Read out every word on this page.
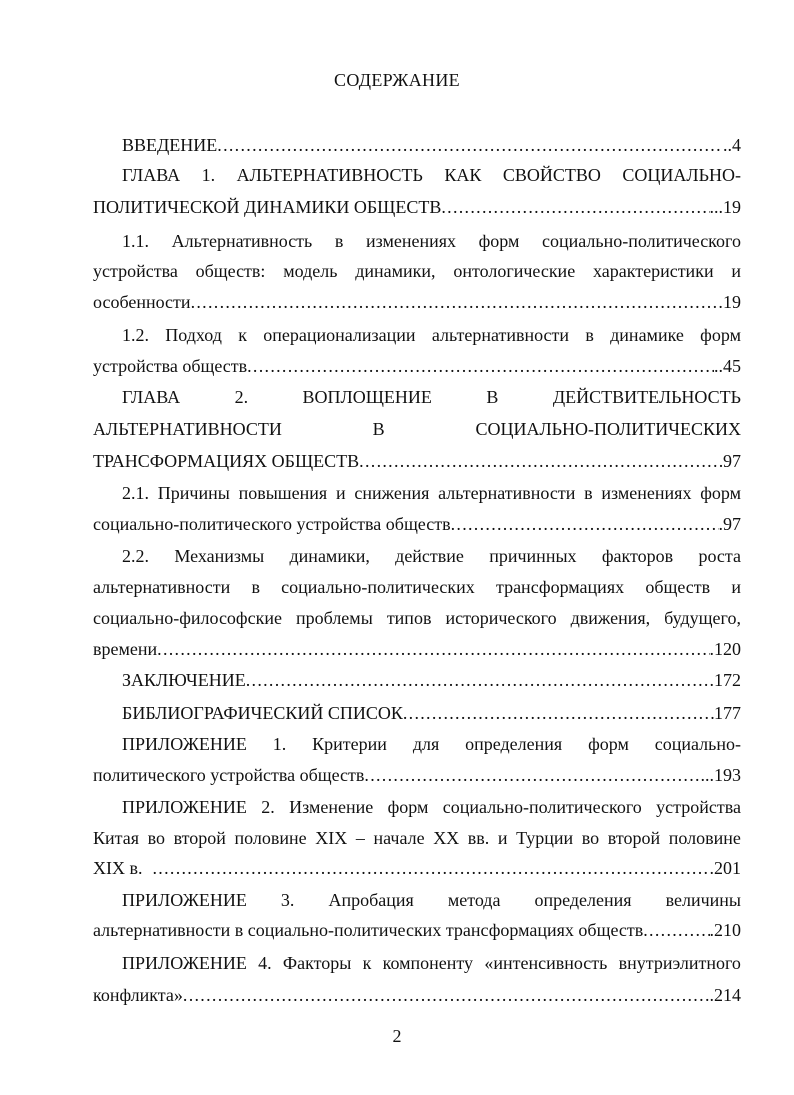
СОДЕРЖАНИЕ
ВВЕДЕНИЕ . . .	..4
ГЛАВА 1. АЛЬТЕРНАТИВНОСТЬ КАК СВОЙСТВО СОЦИАЛЬНО-
ПОЛИТИЧЕСКОЙ ДИНАМИКИ ОБЩЕСТВ . . .	...19
1.1. Альтернативность в изменениях форм социально-политического
устройства обществ: модель динамики, онтологические характеристики и
особенности . . .	19
1.2. Подход к операционализации альтернативности в динамике форм
устройства обществ . . .	..45
ГЛАВА	2.	ВОПЛОЩЕНИЕ	В	ДЕЙСТВИТЕЛЬНОСТЬ
АЛЬТЕРНАТИВНОСТИ	В	СОЦИАЛЬНО-ПОЛИТИЧЕСКИХ
ТРАНСФОРМАЦИЯХ ОБЩЕСТВ . . .	97
2.1. Причины повышения и снижения альтернативности в изменениях форм
социально-политического устройства обществ . . .	.97
2.2. Механизмы динамики, действие причинных факторов роста
альтернативности в социально-политических трансформациях обществ и
социально-философские проблемы типов исторического движения, будущего,
времени . . .	.120
ЗАКЛЮЧЕНИЕ . . .	.172
БИБЛИОГРАФИЧЕСКИЙ СПИСОК . . .	177
ПРИЛОЖЕНИЕ 1. Критерии для определения форм социально-
политического устройства обществ . . .	...193
ПРИЛОЖЕНИЕ 2. Изменение форм социально-политического устройства
Китая во второй половине XIX – начале XX вв. и Турции во второй половине
XIX в. . . .	.201
ПРИЛОЖЕНИЕ 3. Апробация метода определения величины
альтернативности в социально-политических трансформациях обществ . . .	.210
ПРИЛОЖЕНИЕ 4. Факторы к компоненту «интенсивность внутриэлитного
конфликта» . . .	..214
2
